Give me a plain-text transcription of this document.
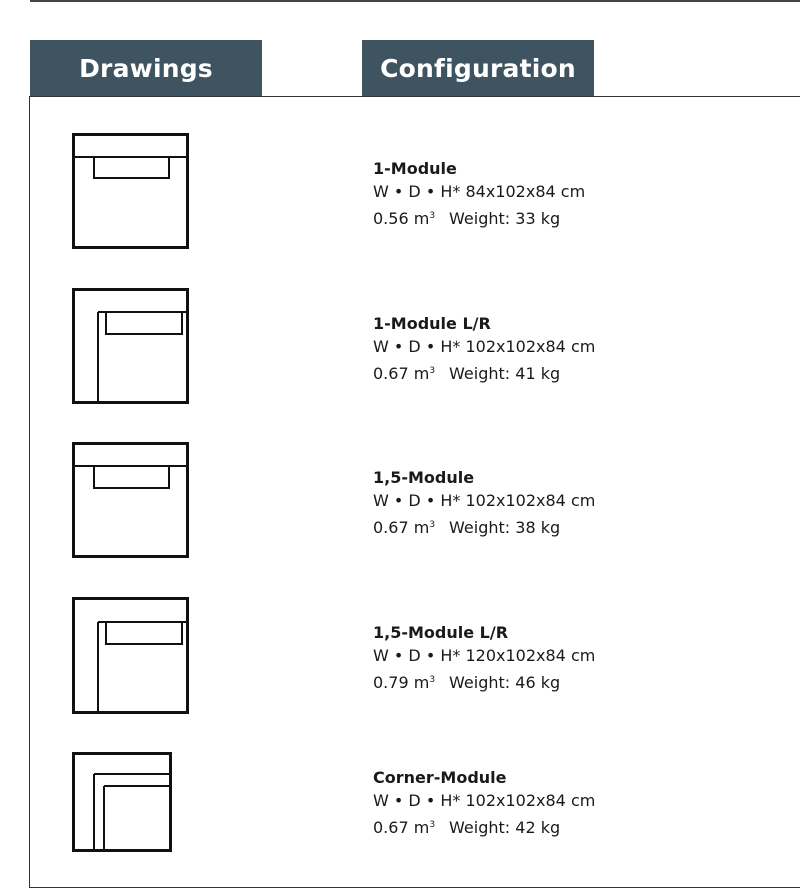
Drawings	Configuration

1-Module

W • D • H* 84x102x84 cm

0.56 $m^3$ Weight: 33 kg

1-Module L/R

W • D • H* 102x102x84 cm

0.67 $m^3$ Weight: 41 kg

1,5-Module

W • D • H* 102x102x84 cm

0.67 $m^3$ Weight: 38 kg

1,5-Module L/R

W • D • H* 120x102x84 cm

0.79 $m^3$ Weight: 46 kg

Corner-Module

W • D • H* 102x102x84 cm

0.67 $m^3$ Weight: 42 kg
